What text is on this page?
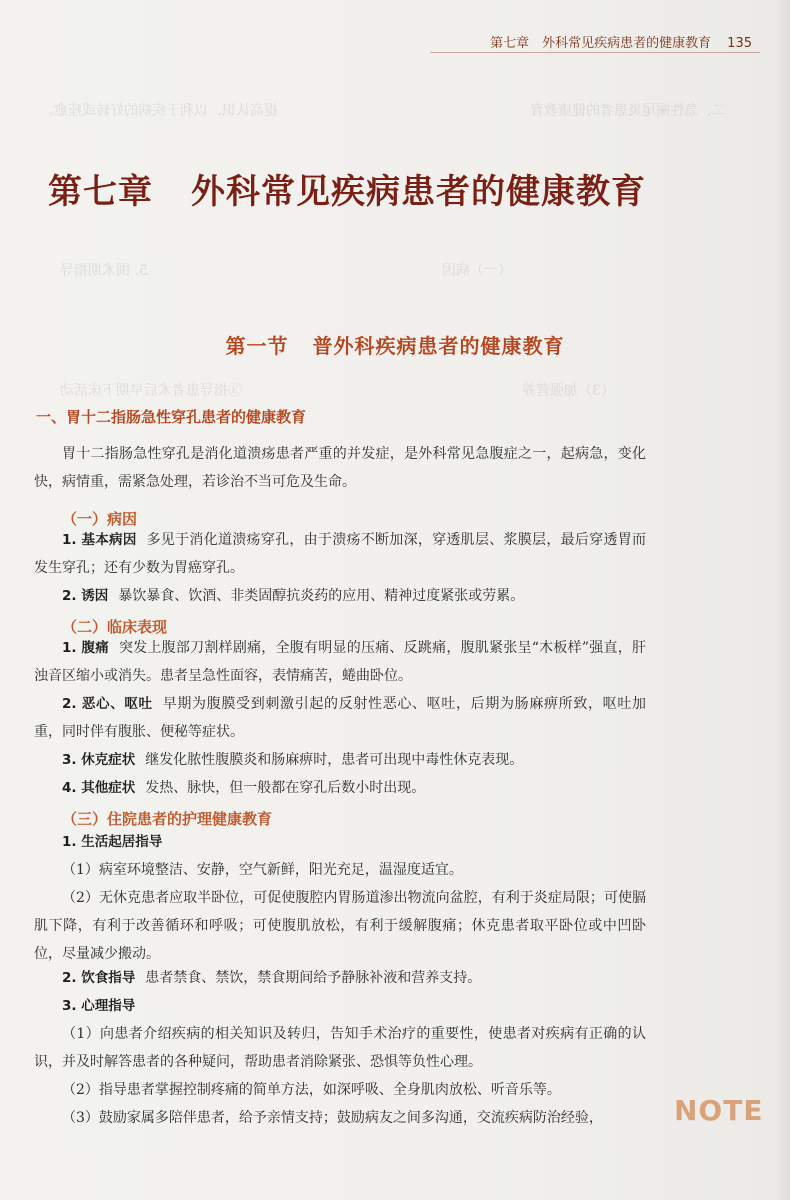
二、急性阑尾炎患者的健康教育　　　　　　　　　　　　　　　　　　提高认识，以利于疾病的好转或痊愈。
（一）病因　　　　　　　　　　　　　　　　　　　　　5. 围术期指导
（3）加强营养　　　　　　　　　　　　　　　　　　　　③指导患者术后早期下床活动
第七章　外科常见疾病患者的健康教育 135
第七章 外科常见疾病患者的健康教育
第一节 普外科疾病患者的健康教育
一、胃十二指肠急性穿孔患者的健康教育
胃十二指肠急性穿孔是消化道溃疡患者严重的并发症，是外科常见急腹症之一，起病急，变化快，病情重，需紧急处理，若诊治不当可危及生命。
（一）病因
1. 基本病因 多见于消化道溃疡穿孔，由于溃疡不断加深，穿透肌层、浆膜层，最后穿透胃而发生穿孔；还有少数为胃癌穿孔。
2. 诱因 暴饮暴食、饮酒、非类固醇抗炎药的应用、精神过度紧张或劳累。
（二）临床表现
1. 腹痛 突发上腹部刀割样剧痛，全腹有明显的压痛、反跳痛，腹肌紧张呈“木板样”强直，肝浊音区缩小或消失。患者呈急性面容，表情痛苦，蜷曲卧位。
2. 恶心、呕吐 早期为腹膜受到刺激引起的反射性恶心、呕吐，后期为肠麻痹所致，呕吐加重，同时伴有腹胀、便秘等症状。
3. 休克症状 继发化脓性腹膜炎和肠麻痹时，患者可出现中毒性休克表现。
4. 其他症状 发热、脉快，但一般都在穿孔后数小时出现。
（三）住院患者的护理健康教育
1. 生活起居指导
（1）病室环境整洁、安静，空气新鲜，阳光充足，温湿度适宜。
（2）无休克患者应取半卧位，可促使腹腔内胃肠道渗出物流向盆腔，有利于炎症局限；可使膈肌下降，有利于改善循环和呼吸；可使腹肌放松，有利于缓解腹痛；休克患者取平卧位或中凹卧位，尽量减少搬动。
2. 饮食指导 患者禁食、禁饮，禁食期间给予静脉补液和营养支持。
3. 心理指导
（1）向患者介绍疾病的相关知识及转归，告知手术治疗的重要性，使患者对疾病有正确的认识，并及时解答患者的各种疑问，帮助患者消除紧张、恐惧等负性心理。
（2）指导患者掌握控制疼痛的简单方法，如深呼吸、全身肌肉放松、听音乐等。
（3）鼓励家属多陪伴患者，给予亲情支持；鼓励病友之间多沟通，交流疾病防治经验，	NOTE
